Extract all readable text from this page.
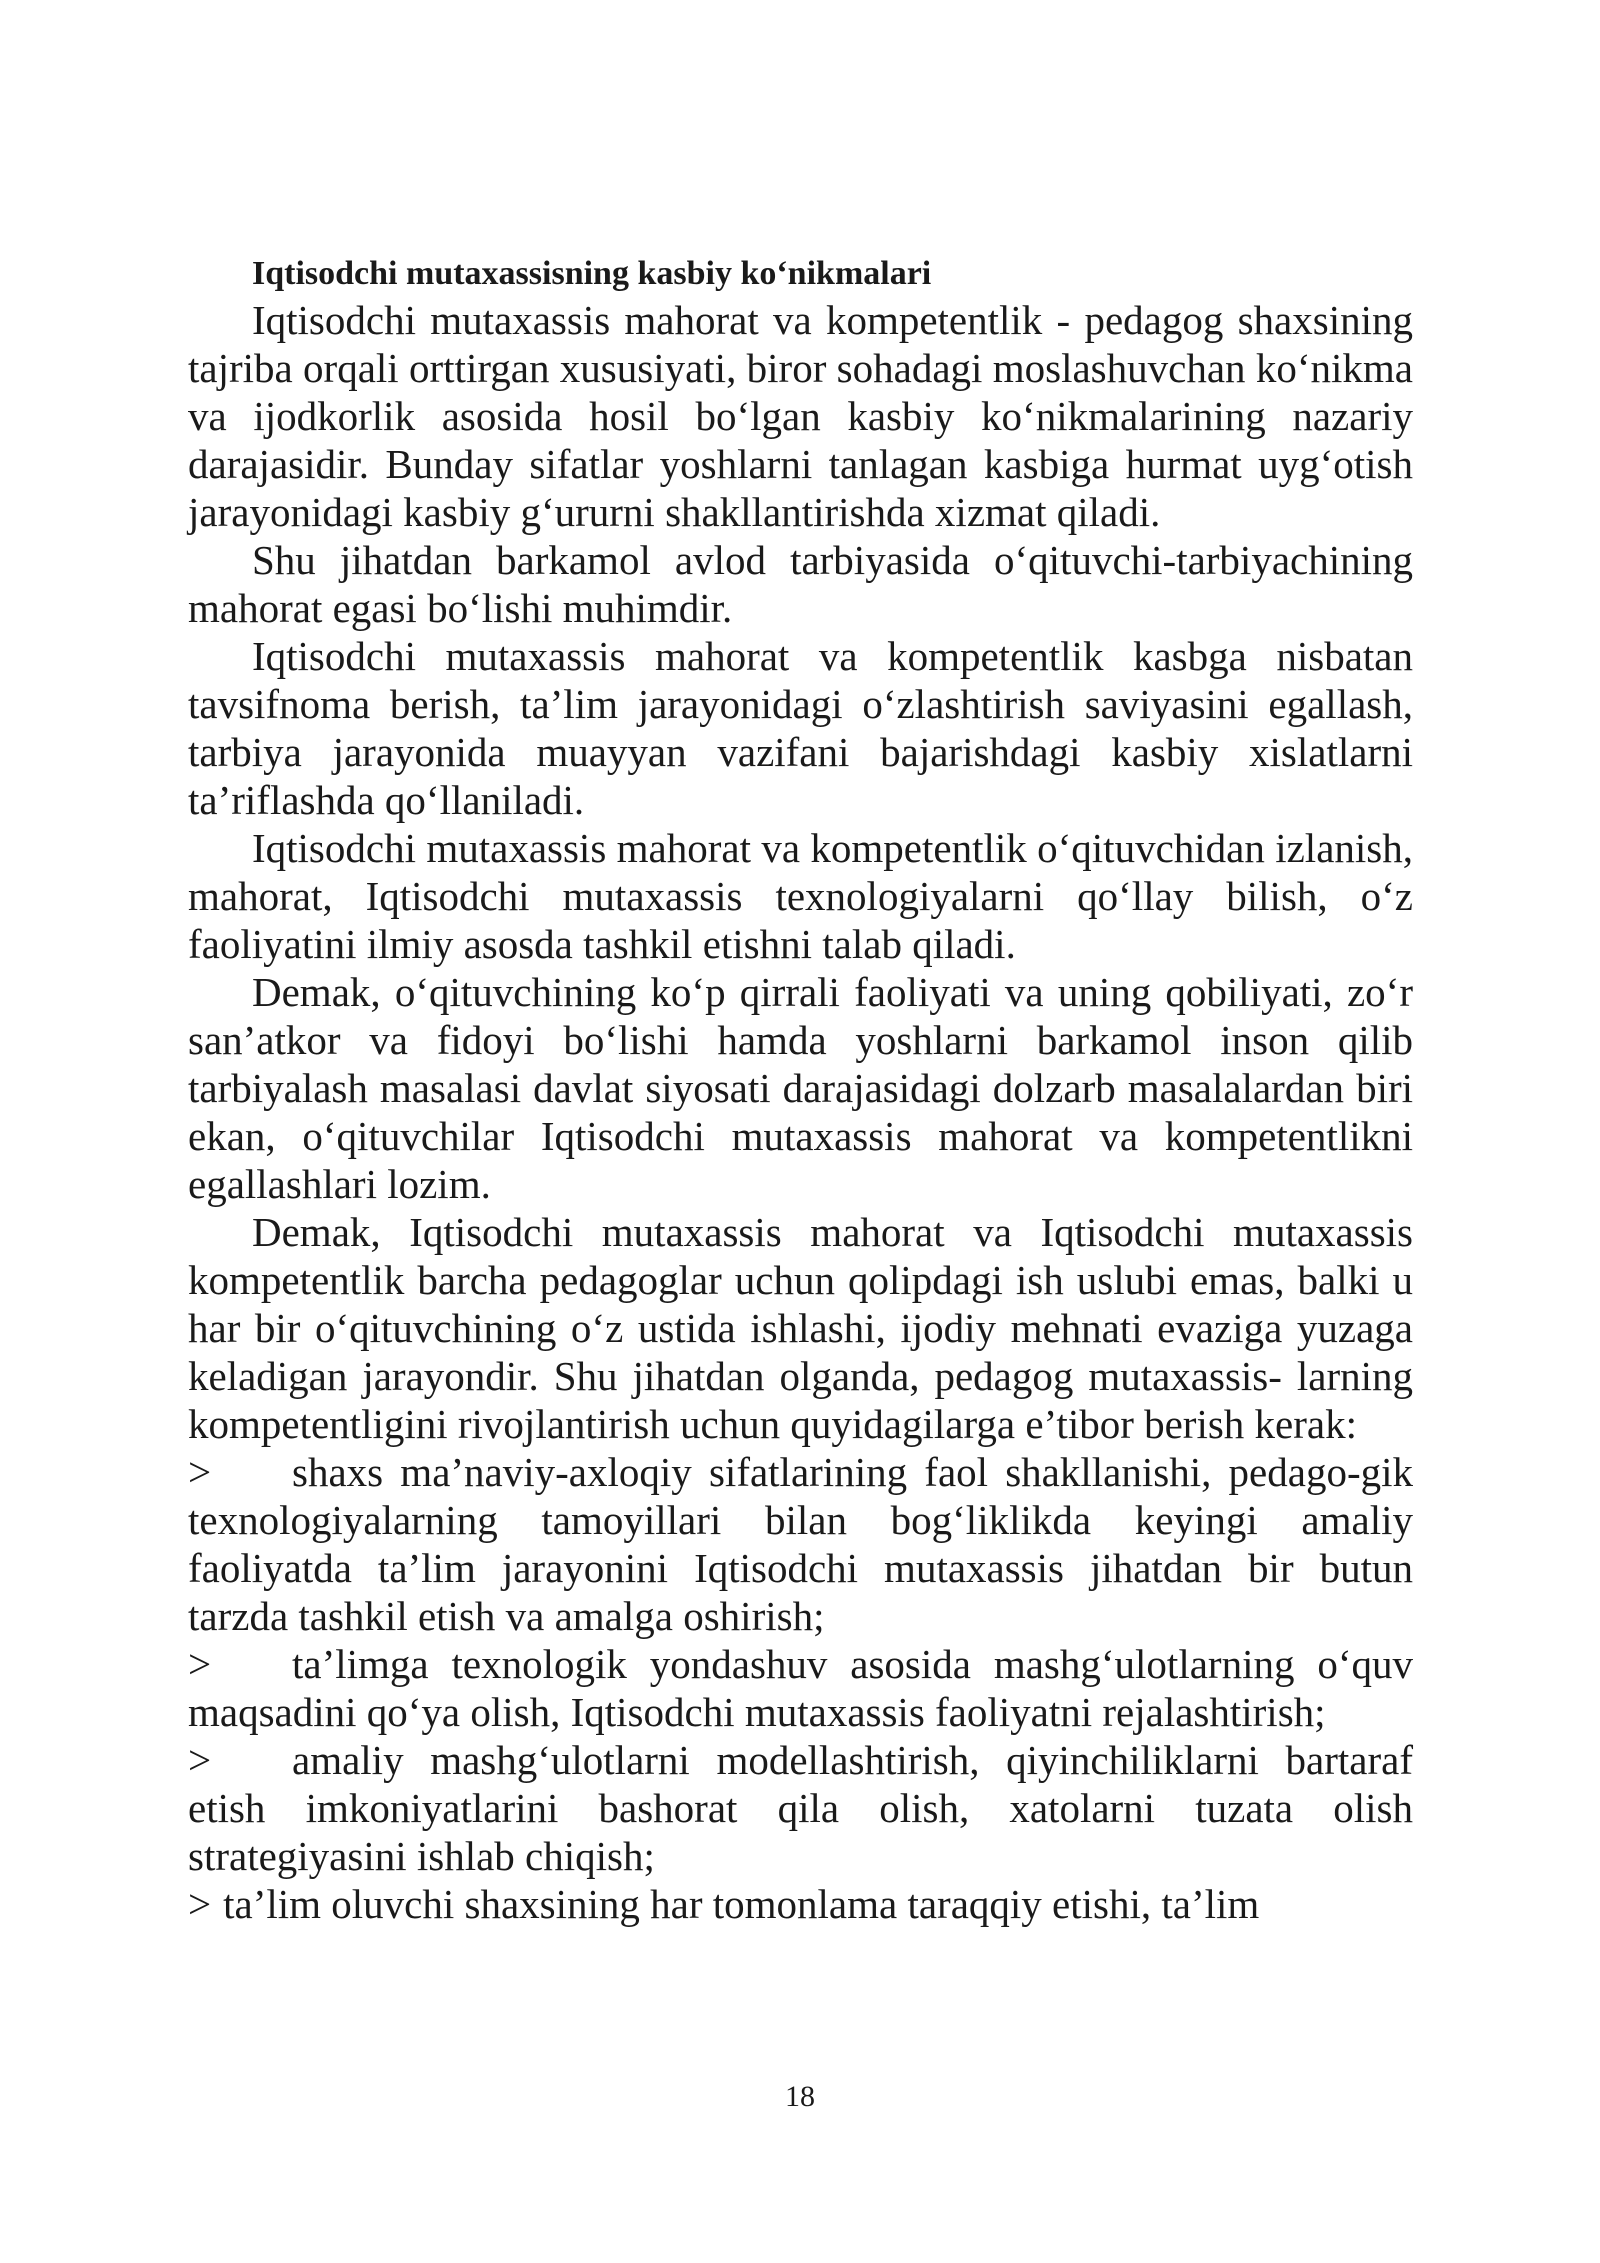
Iqtisodchi mutaxassisning kasbiy ko‘nikmalari

Iqtisodchi mutaxassis mahorat va kompetentlik - pedagog shaxsining tajriba orqali orttirgan xususiyati, biror sohadagi moslashuvchan ko‘nikma va ijodkorlik asosida hosil bo‘lgan kasbiy ko‘nikmalarining nazariy darajasidir. Bunday sifatlar yoshlarni tanlagan kasbiga hurmat uyg‘otish jarayonidagi kasbiy g‘ururni shakllantirishda xizmat qiladi.

Shu jihatdan barkamol avlod tarbiyasida o‘qituvchi-tarbiyachining mahorat egasi bo‘lishi muhimdir.

Iqtisodchi mutaxassis mahorat va kompetentlik kasbga nisbatan tavsifnoma berish, ta’lim jarayonidagi o‘zlashtirish saviyasini egallash, tarbiya jarayonida muayyan vazifani bajarishdagi kasbiy xislatlarni ta’riflashda qo‘llaniladi.

Iqtisodchi mutaxassis mahorat va kompetentlik o‘qituvchidan izlanish, mahorat, Iqtisodchi mutaxassis texnologiyalarni qo‘llay bilish, o‘z faoliyatini ilmiy asosda tashkil etishni talab qiladi.

Demak, o‘qituvchining ko‘p qirrali faoliyati va uning qobiliyati, zo‘r san’atkor va fidoyi bo‘lishi hamda yoshlarni barkamol inson qilib tarbiyalash masalasi davlat siyosati darajasidagi dolzarb masalalardan biri ekan, o‘qituvchilar Iqtisodchi mutaxassis mahorat va kompetentlikni egallashlari lozim.

Demak, Iqtisodchi mutaxassis mahorat va Iqtisodchi mutaxassis kompetentlik barcha pedagoglar uchun qolipdagi ish uslubi emas, balki u har bir o‘qituvchining o‘z ustida ishlashi, ijodiy mehnati evaziga yuzaga keladigan jarayondir. Shu jihatdan olganda, pedagog mutaxassis- larning kompetentligini rivojlantirish uchun quyidagilarga e’tibor berish kerak:

> shaxs ma’naviy-axloqiy sifatlarining faol shakllanishi, pedago-gik texnologiyalarning tamoyillari bilan bog‘liklikda keyingi amaliy faoliyatda ta’lim jarayonini Iqtisodchi mutaxassis jihatdan bir butun tarzda tashkil etish va amalga oshirish;

> ta’limga texnologik yondashuv asosida mashg‘ulotlarning o‘quv maqsadini qo‘ya olish, Iqtisodchi mutaxassis faoliyatni rejalashtirish;

> amaliy mashg‘ulotlarni modellashtirish, qiyinchiliklarni bartaraf etish imkoniyatlarini bashorat qila olish, xatolarni tuzata olish strategiyasini ishlab chiqish;

> ta’lim oluvchi shaxsining har tomonlama taraqqiy etishi, ta’lim

18
